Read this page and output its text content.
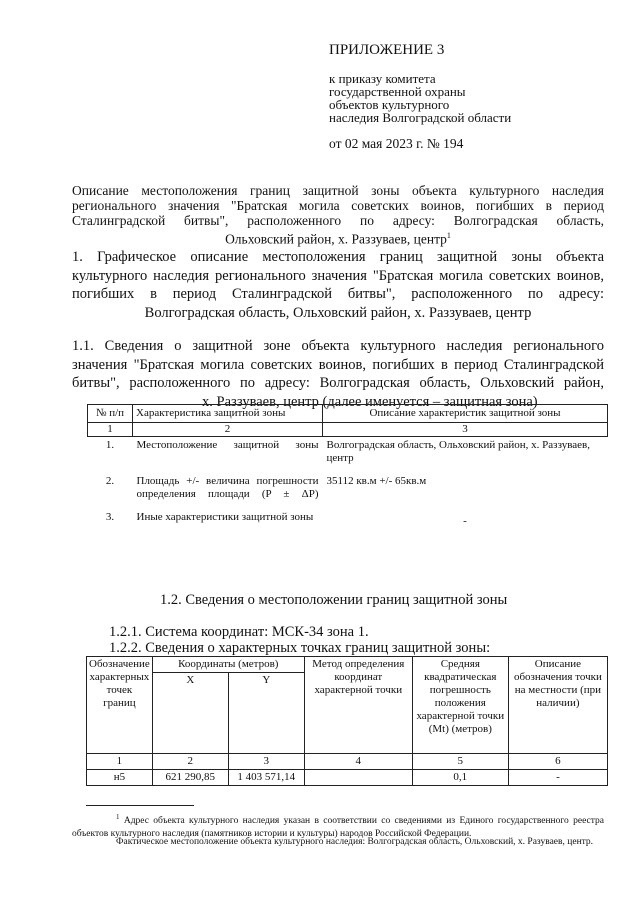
ПРИЛОЖЕНИЕ 3
к приказу комитета
государственной охраны
объектов культурного
наследия Волгоградской области
от 02 мая 2023 г. № 194
Описание местоположения границ защитной зоны объекта культурного наследия
регионального значения "Братская могила советских воинов, погибших в период
Сталинградской битвы", расположенного по адресу: Волгоградская область,
Ольховский район, х. Раззуваев, центр$^1$
1. Графическое описание местоположения границ защитной зоны объекта
культурного наследия регионального значения "Братская могила советских воинов,
погибших в период Сталинградской битвы", расположенного по адресу:
Волгоградская область, Ольховский район, х. Раззуваев, центр
1.1. Сведения о защитной зоне объекта культурного наследия регионального
значения "Братская могила советских воинов, погибших в период Сталинградской
битвы", расположенного по адресу: Волгоградская область, Ольховский район,
х. Раззуваев, центр (далее именуется – защитная зона)
№ п/п	Характеристика защитной зоны	Описание характеристик защитной зоны
1	2	3
1.	Местоположение защитной зоны	Волгоградская область, Ольховский район, х. Раззуваев, центр
2.	Площадь +/- величина погрешности определения площади (P ± ΔP)	35112 кв.м +/- 65кв.м
3.	Иные характеристики защитной зоны	-
1.2. Сведения о местоположении границ защитной зоны
1.2.1. Система координат: МСК-34 зона 1.
1.2.2. Сведения о характерных точках границ защитной зоны:
Обозначение характерных точек границ	Координаты (метров)		Метод определения координат характерной точки	Средняя квадратическая погрешность положения характерной точки (Mt) (метров)	Описание обозначения точки на местности (при наличии)
	X	Y			
1	2	3	4	5	6
н5	621 290,85	1 403 571,14		0,1	-
$^1$ Адрес объекта культурного наследия указан в соответствии со сведениями из Единого государственного реестра объектов культурного наследия (памятников истории и культуры) народов Российской Федерации.
Фактическое местоположение объекта культурного наследия: Волгоградская область, Ольховский, х. Разуваев, центр.
